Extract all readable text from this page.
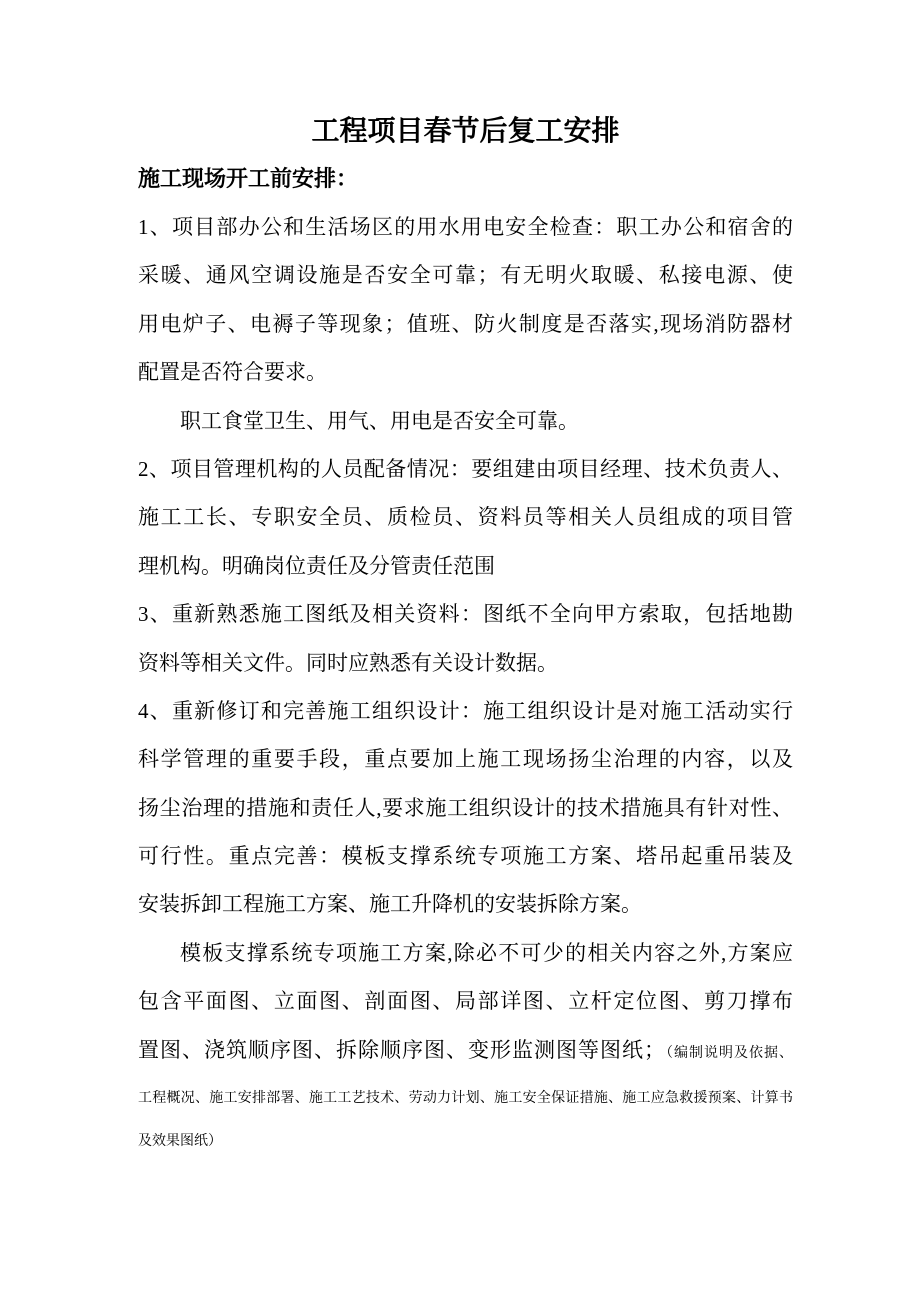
工程项目春节后复工安排
施工现场开工前安排：
1、项目部办公和生活场区的用水用电安全检查：职工办公和宿舍的
采暖、通风空调设施是否安全可靠；有无明火取暖、私接电源、使
用电炉子、电褥子等现象；值班、防火制度是否落实,现场消防器材
配置是否符合要求。
职工食堂卫生、用气、用电是否安全可靠。
2、项目管理机构的人员配备情况：要组建由项目经理、技术负责人、
施工工长、专职安全员、质检员、资料员等相关人员组成的项目管
理机构。明确岗位责任及分管责任范围
3、重新熟悉施工图纸及相关资料：图纸不全向甲方索取，包括地勘
资料等相关文件。同时应熟悉有关设计数据。
4、重新修订和完善施工组织设计：施工组织设计是对施工活动实行
科学管理的重要手段，重点要加上施工现场扬尘治理的内容，以及
扬尘治理的措施和责任人,要求施工组织设计的技术措施具有针对性、
可行性。重点完善：模板支撑系统专项施工方案、塔吊起重吊装及
安装拆卸工程施工方案、施工升降机的安装拆除方案。
模板支撑系统专项施工方案,除必不可少的相关内容之外,方案应
包含平面图、立面图、剖面图、局部详图、立杆定位图、剪刀撑布
置图、浇筑顺序图、拆除顺序图、变形监测图等图纸；（编制说明及依据、
工程概况、施工安排部署、施工工艺技术、劳动力计划、施工安全保证措施、施工应急救援预案、计算书
及效果图纸）
